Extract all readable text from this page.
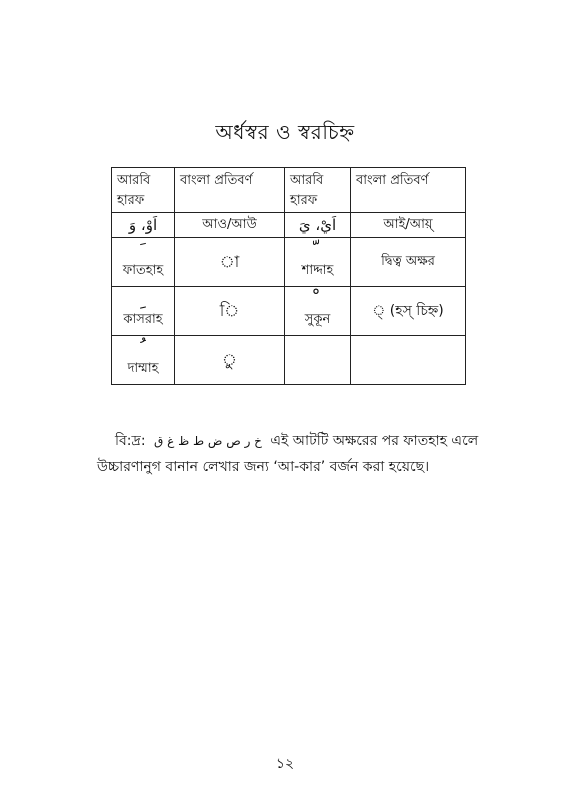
অর্ধস্বর ও স্বরচিহ্ন
আরবি হারফ	বাংলা প্রতিবর্ণ	আরবি হারফ	বাংলা প্রতিবর্ণ

اَوْ، وَ	আও/আউ	اَيْ، يَ	আই/আয়্

ফাতহাহ	া	শাদ্দাহ	দ্বিত্ব অক্ষর

কাসরাহ	ি	সুকূন	্ (হস্ চিহ্ন)

দাম্মাহ	ু		

বি:দ্র: خ ر ص ض ط ظ غ ق এই আটটি অক্ষরের পর ফাতহাহ এলে
উচ্চারণানুগ বানান লেখার জন্য ‘আ-কার’ বর্জন করা হয়েছে।
১২
